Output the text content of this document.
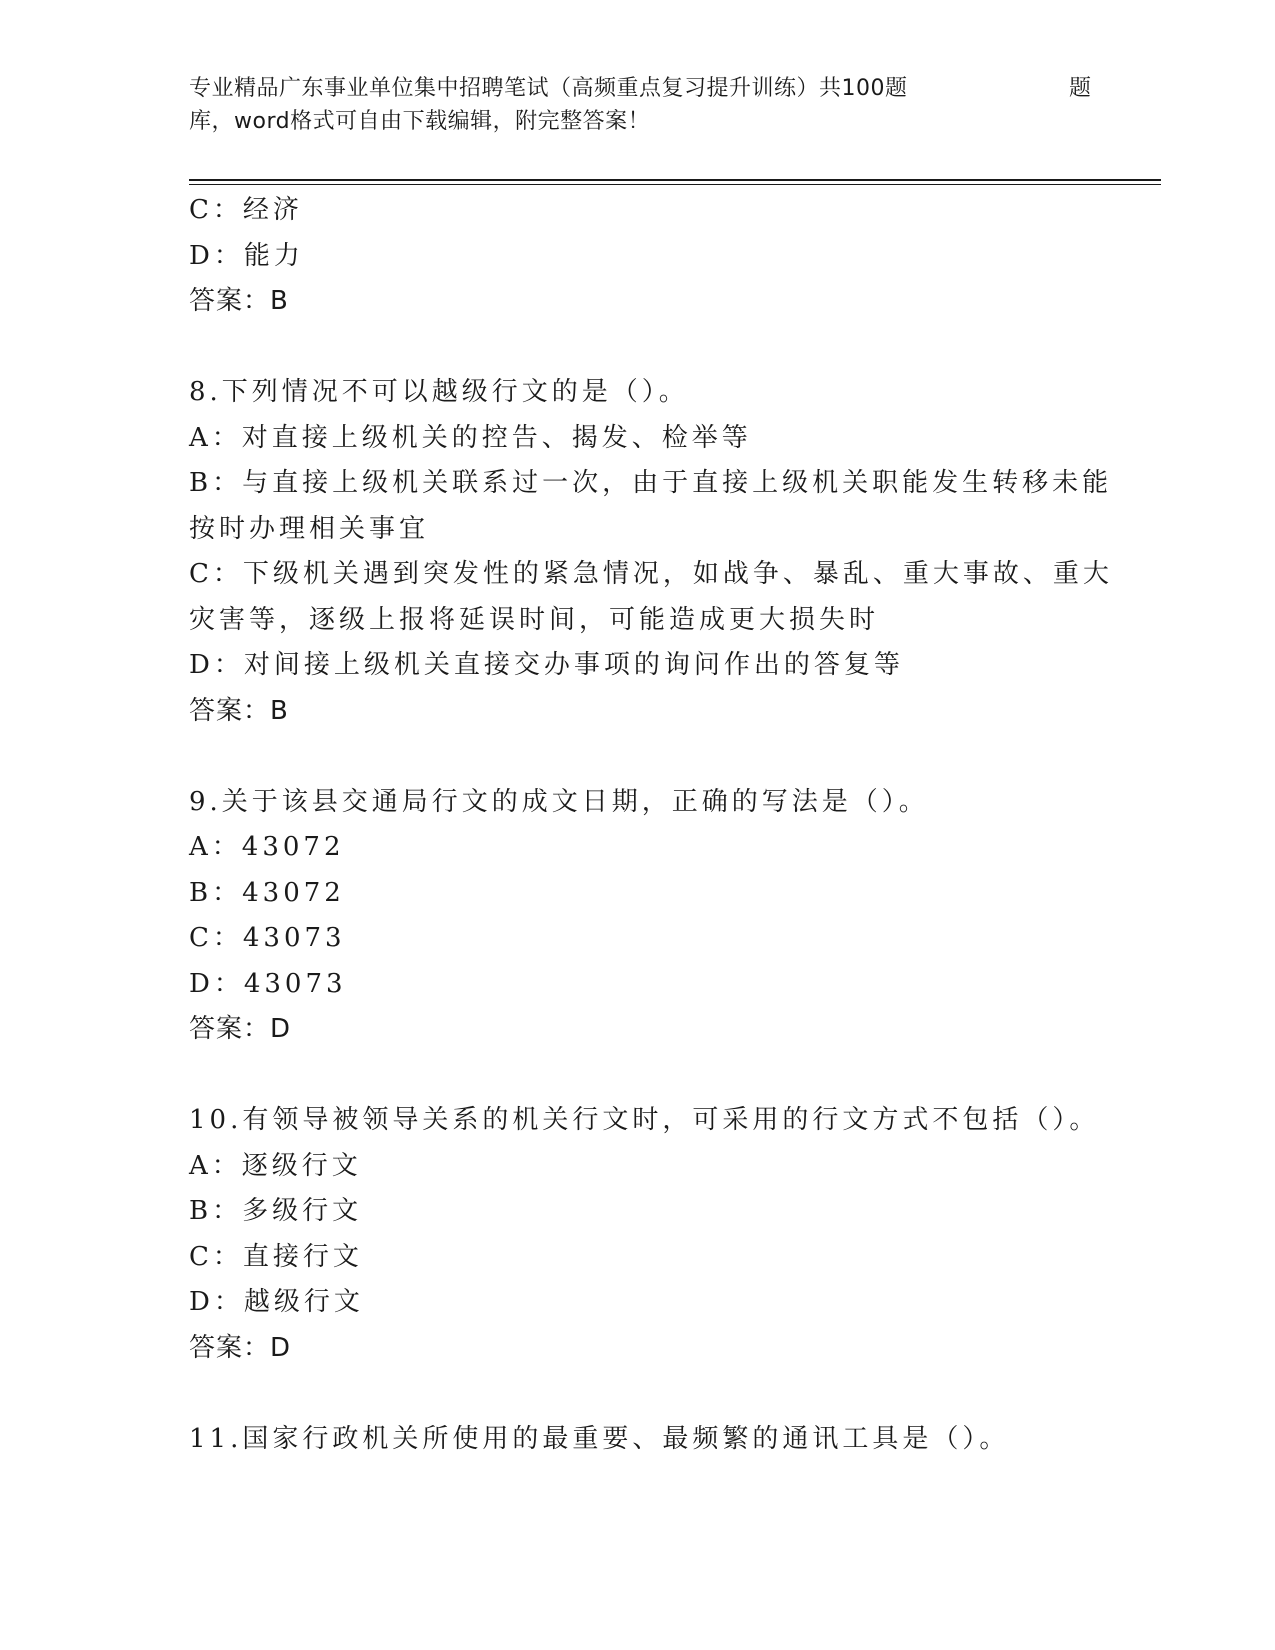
专业精品广东事业单位集中招聘笔试（高频重点复习提升训练）共100题	题
库，word格式可自由下载编辑，附完整答案！
C：经济
D：能力
答案：B
8.下列情况不可以越级行文的是（）。
A：对直接上级机关的控告、揭发、检举等
B：与直接上级机关联系过一次，由于直接上级机关职能发生转移未能
按时办理相关事宜
C：下级机关遇到突发性的紧急情况，如战争、暴乱、重大事故、重大
灾害等，逐级上报将延误时间，可能造成更大损失时
D：对间接上级机关直接交办事项的询问作出的答复等
答案：B
9.关于该县交通局行文的成文日期，正确的写法是（）。
A：43072
B：43072
C：43073
D：43073
答案：D
10.有领导被领导关系的机关行文时，可采用的行文方式不包括（）。
A：逐级行文
B：多级行文
C：直接行文
D：越级行文
答案：D
11.国家行政机关所使用的最重要、最频繁的通讯工具是（）。
